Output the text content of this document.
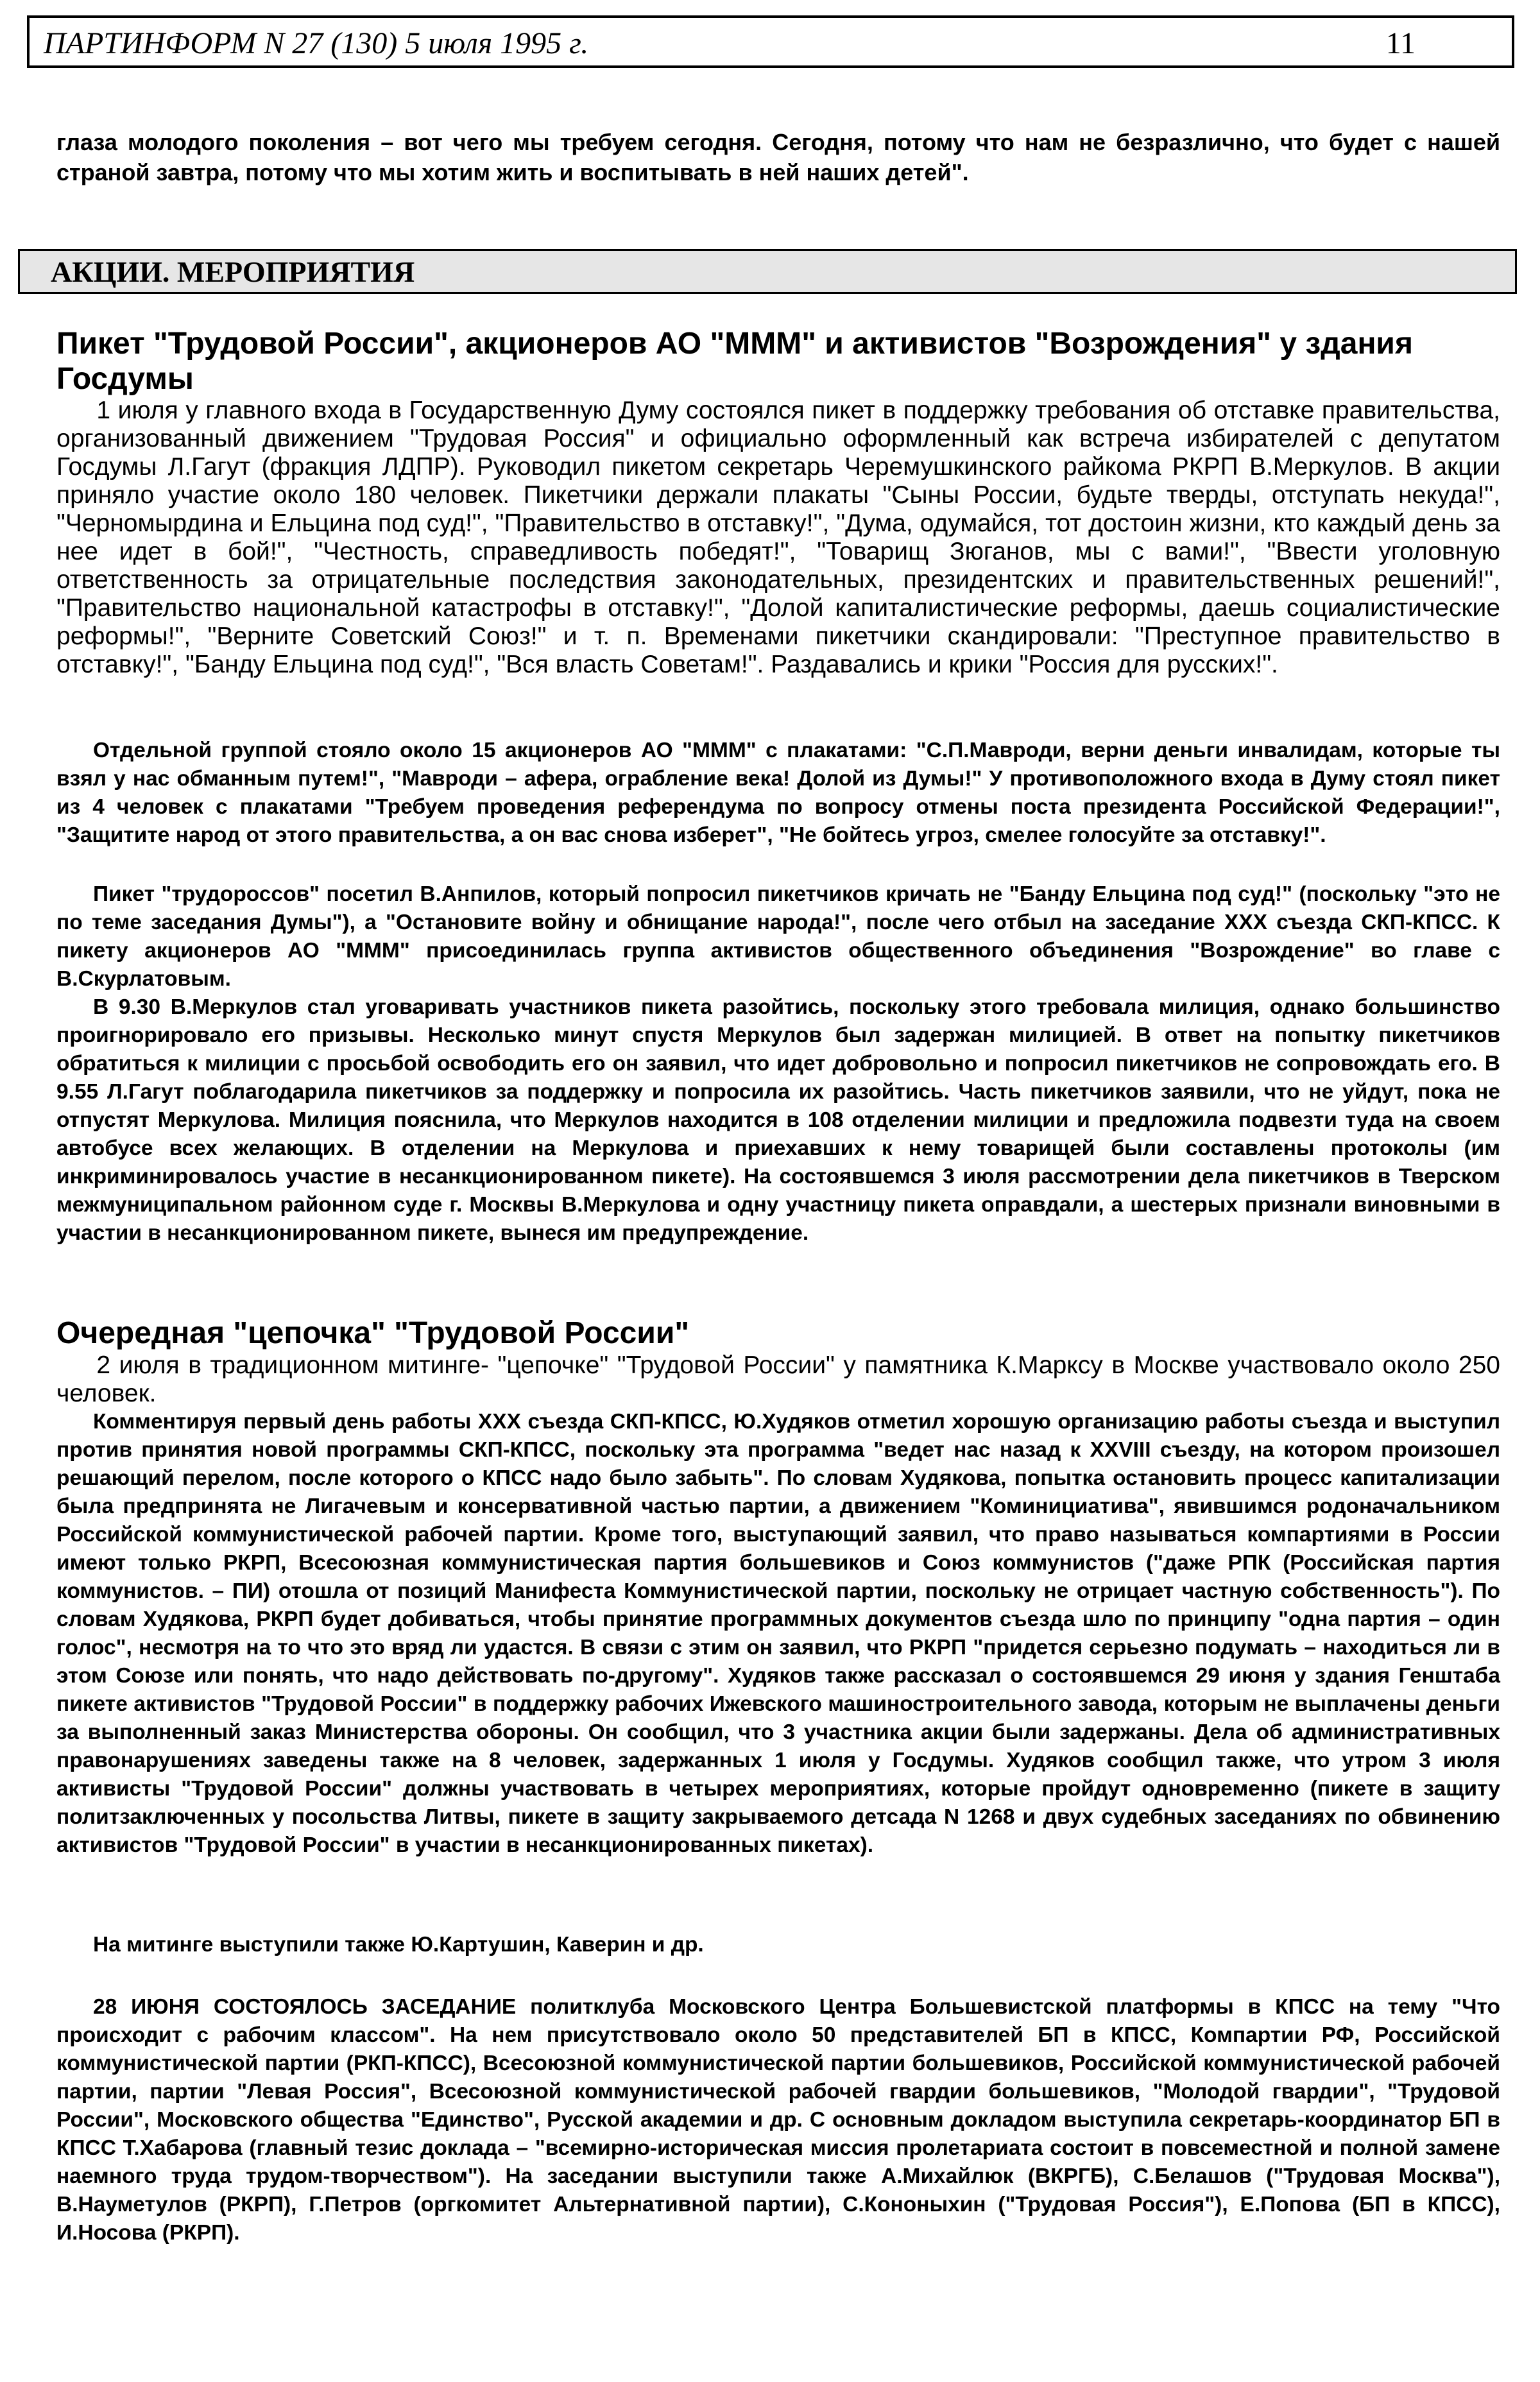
ПАРТИНФОРМ N 27 (130) 5 июля 1995 г.	11
глаза молодого поколения – вот чего мы требуем сегодня. Сегодня, потому что нам не безразлично, что будет с нашей страной завтра, потому что мы хотим жить и воспитывать в ней наших детей".
АКЦИИ. МЕРОПРИЯТИЯ
Пикет "Трудовой России", акционеров АО "МММ" и активистов "Возрождения" у здания Госдумы
1 июля у главного входа в Государственную Думу состоялся пикет в поддержку требования об отставке правительства, организованный движением "Трудовая Россия" и официально оформленный как встреча избирателей с депутатом Госдумы Л.Гагут (фракция ЛДПР). Руководил пикетом секретарь Черемушкинского райкома РКРП В.Меркулов. В акции приняло участие около 180 человек. Пикетчики держали плакаты "Сыны России, будьте тверды, отступать некуда!", "Черномырдина и Ельцина под суд!", "Правительство в отставку!", "Дума, одумайся, тот достоин жизни, кто каждый день за нее идет в бой!", "Честность, справедливость победят!", "Товарищ Зюганов, мы с вами!", "Ввести уголовную ответственность за отрицательные последствия законодательных, президентских и правительственных решений!", "Правительство национальной катастрофы в отставку!", "Долой капиталистические реформы, даешь социалистические реформы!", "Верните Советский Союз!" и т. п. Временами пикетчики скандировали: "Преступное правительство в отставку!", "Банду Ельцина под суд!", "Вся власть Советам!". Раздавались и крики "Россия для русских!".
Отдельной группой стояло около 15 акционеров АО "МММ" с плакатами: "С.П.Мавроди, верни деньги инвалидам, которые ты взял у нас обманным путем!", "Мавроди – афера, ограбление века! Долой из Думы!" У противоположного входа в Думу стоял пикет из 4 человек с плакатами "Требуем проведения референдума по вопросу отмены поста президента Российской Федерации!", "Защитите народ от этого правительства, а он вас снова изберет", "Не бойтесь угроз, смелее голосуйте за отставку!".
Пикет "трудороссов" посетил В.Анпилов, который попросил пикетчиков кричать не "Банду Ельцина под суд!" (поскольку "это не по теме заседания Думы"), а "Остановите войну и обнищание народа!", после чего отбыл на заседание XXX съезда СКП-КПСС. К пикету акционеров АО "МММ" присоединилась группа активистов общественного объединения "Возрождение" во главе с В.Скурлатовым.
В 9.30 В.Меркулов стал уговаривать участников пикета разойтись, поскольку этого требовала милиция, однако большинство проигнорировало его призывы. Несколько минут спустя Меркулов был задержан милицией. В ответ на попытку пикетчиков обратиться к милиции с просьбой освободить его он заявил, что идет добровольно и попросил пикетчиков не сопровождать его. В 9.55 Л.Гагут поблагодарила пикетчиков за поддержку и попросила их разойтись. Часть пикетчиков заявили, что не уйдут, пока не отпустят Меркулова. Милиция пояснила, что Меркулов находится в 108 отделении милиции и предложила подвезти туда на своем автобусе всех желающих. В отделении на Меркулова и приехавших к нему товарищей были составлены протоколы (им инкриминировалось участие в несанкционированном пикете). На состоявшемся 3 июля рассмотрении дела пикетчиков в Тверском межмуниципальном районном суде г. Москвы В.Меркулова и одну участницу пикета оправдали, а шестерых признали виновными в участии в несанкционированном пикете, вынеся им предупреждение.
Очередная "цепочка" "Трудовой России"
2 июля в традиционном митинге- "цепочке" "Трудовой России" у памятника К.Марксу в Москве участвовало около 250 человек.
Комментируя первый день работы XXX съезда СКП-КПСС, Ю.Худяков отметил хорошую организацию работы съезда и выступил против принятия новой программы СКП-КПСС, поскольку эта программа "ведет нас назад к XXVIII съезду, на котором произошел решающий перелом, после которого о КПСС надо было забыть". По словам Худякова, попытка остановить процесс капитализации была предпринята не Лигачевым и консервативной частью партии, а движением "Коминициатива", явившимся родоначальником Российской коммунистической рабочей партии. Кроме того, выступающий заявил, что право называться компартиями в России имеют только РКРП, Всесоюзная коммунистическая партия большевиков и Союз коммунистов ("даже РПК (Российская партия коммунистов. – ПИ) отошла от позиций Манифеста Коммунистической партии, поскольку не отрицает частную собственность"). По словам Худякова, РКРП будет добиваться, чтобы принятие программных документов съезда шло по принципу "одна партия – один голос", несмотря на то что это вряд ли удастся. В связи с этим он заявил, что РКРП "придется серьезно подумать – находиться ли в этом Союзе или понять, что надо действовать по-другому". Худяков также рассказал о состоявшемся 29 июня у здания Генштаба пикете активистов "Трудовой России" в поддержку рабочих Ижевского машиностроительного завода, которым не выплачены деньги за выполненный заказ Министерства обороны. Он сообщил, что 3 участника акции были задержаны. Дела об административных правонарушениях заведены также на 8 человек, задержанных 1 июля у Госдумы. Худяков сообщил также, что утром 3 июля активисты "Трудовой России" должны участвовать в четырех мероприятиях, которые пройдут одновременно (пикете в защиту политзаключенных у посольства Литвы, пикете в защиту закрываемого детсада N 1268 и двух судебных заседаниях по обвинению активистов "Трудовой России" в участии в несанкционированных пикетах).
На митинге выступили также Ю.Картушин, Каверин и др.
28 ИЮНЯ СОСТОЯЛОСЬ ЗАСЕДАНИЕ политклуба Московского Центра Большевистской платформы в КПСС на тему "Что происходит с рабочим классом". На нем присутствовало около 50 представителей БП в КПСС, Компартии РФ, Российской коммунистической партии (РКП-КПСС), Всесоюзной коммунистической партии большевиков, Российской коммунистической рабочей партии, партии "Левая Россия", Всесоюзной коммунистической рабочей гвардии большевиков, "Молодой гвардии", "Трудовой России", Московского общества "Единство", Русской академии и др. С основным докладом выступила секретарь-координатор БП в КПСС Т.Хабарова (главный тезис доклада – "всемирно-историческая миссия пролетариата состоит в повсеместной и полной замене наемного труда трудом-творчеством"). На заседании выступили также А.Михайлюк (ВКРГБ), С.Белашов ("Трудовая Москва"), В.Науметулов (РКРП), Г.Петров (оргкомитет Альтернативной партии), С.Кононыхин ("Трудовая Россия"), Е.Попова (БП в КПСС), И.Носова (РКРП).
